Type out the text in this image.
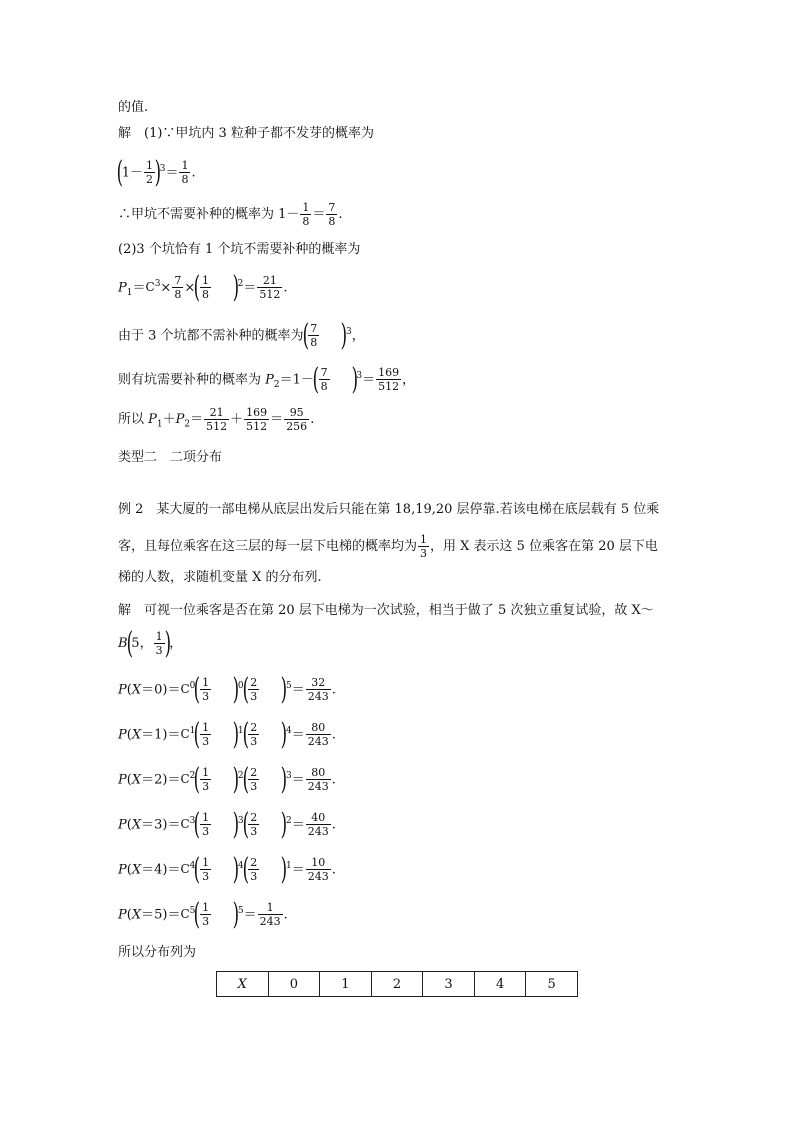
的值.
解　(1)∵甲坑内 3 粒种子都不发芽的概率为
$(1- \frac{1}{2} )^3= \frac{1}{8}$ .
∴甲坑不需要补种的概率为 $1- \frac{1}{8} = \frac{7}{8}$ .
(2)3 个坑恰有 1 个坑不需要补种的概率为
$P_1=C^3\times \frac{7}{8}$ ×( $\frac{1}{8} )^2= \frac{21}{512}$ .
由于 3 个坑都不需补种的概率为( $\frac{7}{8} )^3$，
则有坑需要补种的概率为 $P_2=1-( \frac{7}{8} )^3= \frac{169}{512}$ ，
所以 $P_1+P_2= \frac{21}{512} + \frac{169}{512} = \frac{95}{256}$ .
类型二　二项分布
例 2　某大厦的一部电梯从底层出发后只能在第 18,19,20 层停靠.若该电梯在底层载有 5 位乘
客，且每位乘客在这三层的每一层下电梯的概率均为 $\frac{1}{3}$ ，用 X 表示这 5 位乘客在第 20 层下电
梯的人数，求随机变量 X 的分布列.
解　可视一位乘客是否在第 20 层下电梯为一次试验，相当于做了 5 次独立重复试验，故 X～
B(5， $\frac{1}{3}$ )，
$P(X=0)=C^0( \frac{1}{3} )^0( \frac{2}{3} )^5= \frac{32}{243}$ .
$P(X=1)=C^1( \frac{1}{3} )^1( \frac{2}{3} )^4= \frac{80}{243}$ .
$P(X=2)=C^2( \frac{1}{3} )^2( \frac{2}{3} )^3= \frac{80}{243}$ .
$P(X=3)=C^3( \frac{1}{3} )^3( \frac{2}{3} )^2= \frac{40}{243}$ .
$P(X=4)=C^4( \frac{1}{3} )^4( \frac{2}{3} )^1= \frac{10}{243}$ .
$P(X=5)=C^5( \frac{1}{3} )^5= \frac{1}{243}$ .
所以分布列为
X	0	1	2	3	4	5
